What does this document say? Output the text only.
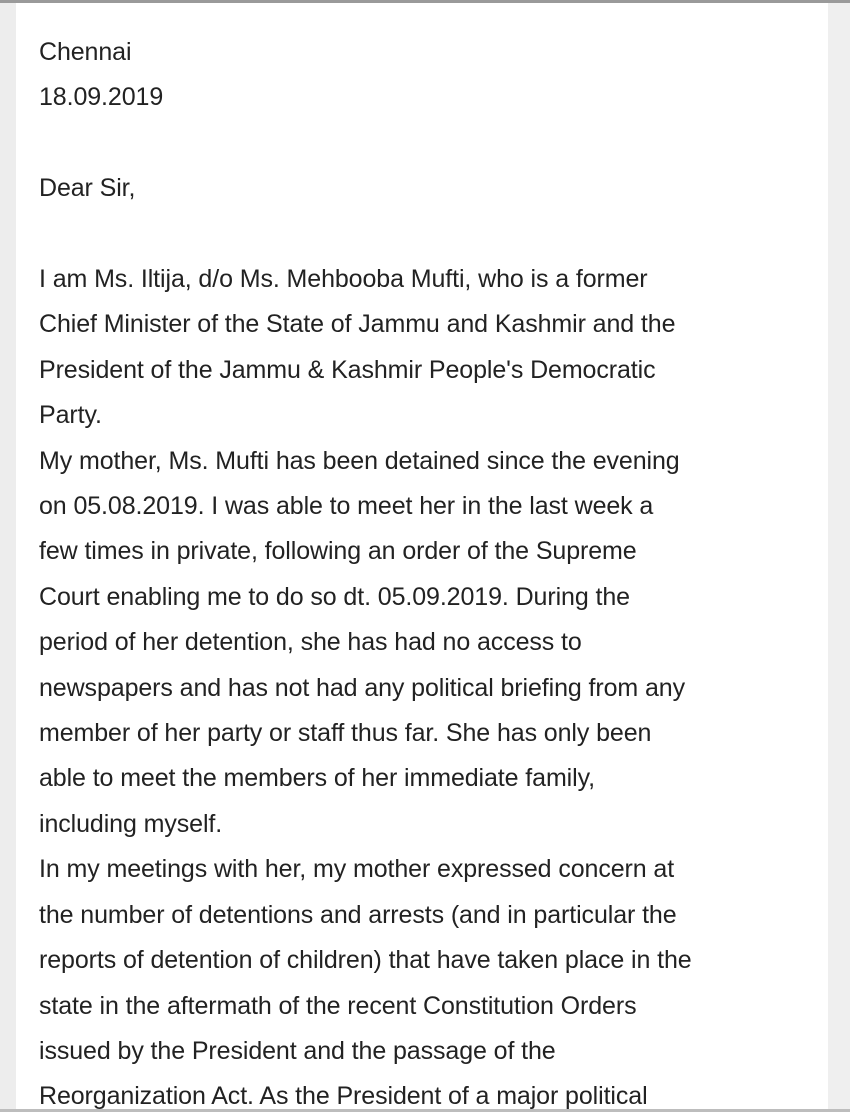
Chennai
18.09.2019
Dear Sir,
I am Ms. Iltija, d/o Ms. Mehbooba Mufti, who is a former
Chief Minister of the State of Jammu and Kashmir and the
President of the Jammu & Kashmir People's Democratic
Party.
My mother, Ms. Mufti has been detained since the evening
on 05.08.2019. I was able to meet her in the last week a
few times in private, following an order of the Supreme
Court enabling me to do so dt. 05.09.2019. During the
period of her detention, she has had no access to
newspapers and has not had any political briefing from any
member of her party or staff thus far. She has only been
able to meet the members of her immediate family,
including myself.
In my meetings with her, my mother expressed concern at
the number of detentions and arrests (and in particular the
reports of detention of children) that have taken place in the
state in the aftermath of the recent Constitution Orders
issued by the President and the passage of the
Reorganization Act. As the President of a major political
